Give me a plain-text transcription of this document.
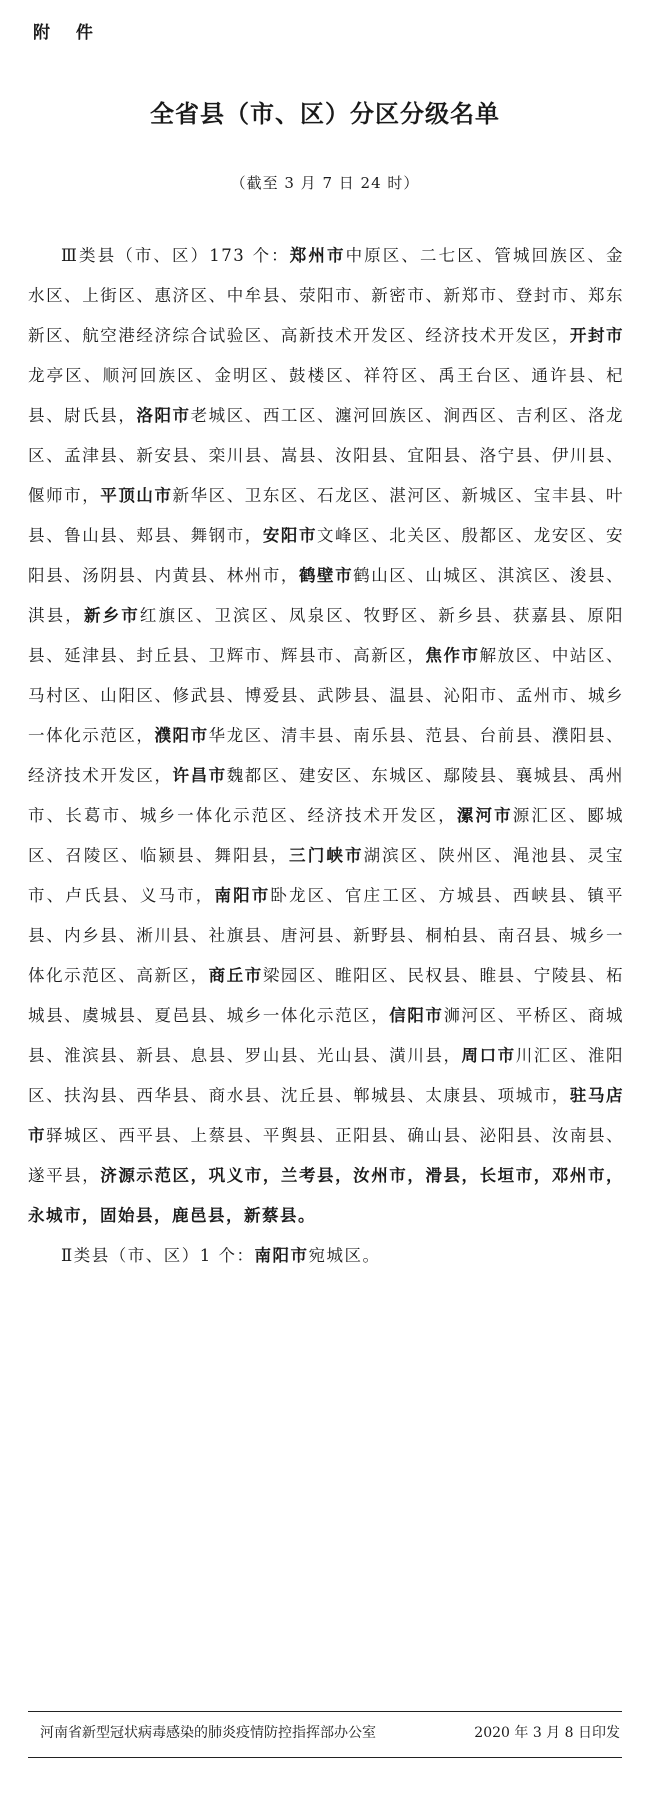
附 件
全省县（市、区）分区分级名单
（截至 3 月 7 日 24 时）

Ⅲ类县（市、区）173 个：郑州市中原区、二七区、管城回族区、金水区、上街区、惠济区、中牟县、荥阳市、新密市、新郑市、登封市、郑东新区、航空港经济综合试验区、高新技术开发区、经济技术开发区，开封市龙亭区、顺河回族区、金明区、鼓楼区、祥符区、禹王台区、通许县、杞县、尉氏县，洛阳市老城区、西工区、瀍河回族区、涧西区、吉利区、洛龙区、孟津县、新安县、栾川县、嵩县、汝阳县、宜阳县、洛宁县、伊川县、偃师市，平顶山市新华区、卫东区、石龙区、湛河区、新城区、宝丰县、叶县、鲁山县、郏县、舞钢市，安阳市文峰区、北关区、殷都区、龙安区、安阳县、汤阴县、内黄县、林州市，鹤壁市鹤山区、山城区、淇滨区、浚县、淇县，新乡市红旗区、卫滨区、凤泉区、牧野区、新乡县、获嘉县、原阳县、延津县、封丘县、卫辉市、辉县市、高新区，焦作市解放区、中站区、马村区、山阳区、修武县、博爱县、武陟县、温县、沁阳市、孟州市、城乡一体化示范区，濮阳市华龙区、清丰县、南乐县、范县、台前县、濮阳县、经济技术开发区，许昌市魏都区、建安区、东城区、鄢陵县、襄城县、禹州市、长葛市、城乡一体化示范区、经济技术开发区，漯河市源汇区、郾城区、召陵区、临颍县、舞阳县，三门峡市湖滨区、陕州区、渑池县、灵宝市、卢氏县、义马市，南阳市卧龙区、官庄工区、方城县、西峡县、镇平县、内乡县、淅川县、社旗县、唐河县、新野县、桐柏县、南召县、城乡一体化示范区、高新区，商丘市梁园区、睢阳区、民权县、睢县、宁陵县、柘城县、虞城县、夏邑县、城乡一体化示范区，信阳市浉河区、平桥区、商城县、淮滨县、新县、息县、罗山县、光山县、潢川县，周口市川汇区、淮阳区、扶沟县、西华县、商水县、沈丘县、郸城县、太康县、项城市，驻马店市驿城区、西平县、上蔡县、平舆县、正阳县、确山县、泌阳县、汝南县、遂平县，济源示范区，巩义市，兰考县，汝州市，滑县，长垣市，邓州市，永城市，固始县，鹿邑县，新蔡县。

Ⅱ类县（市、区）1 个：南阳市宛城区。

河南省新型冠状病毒感染的肺炎疫情防控指挥部办公室	2020 年 3 月 8 日印发
